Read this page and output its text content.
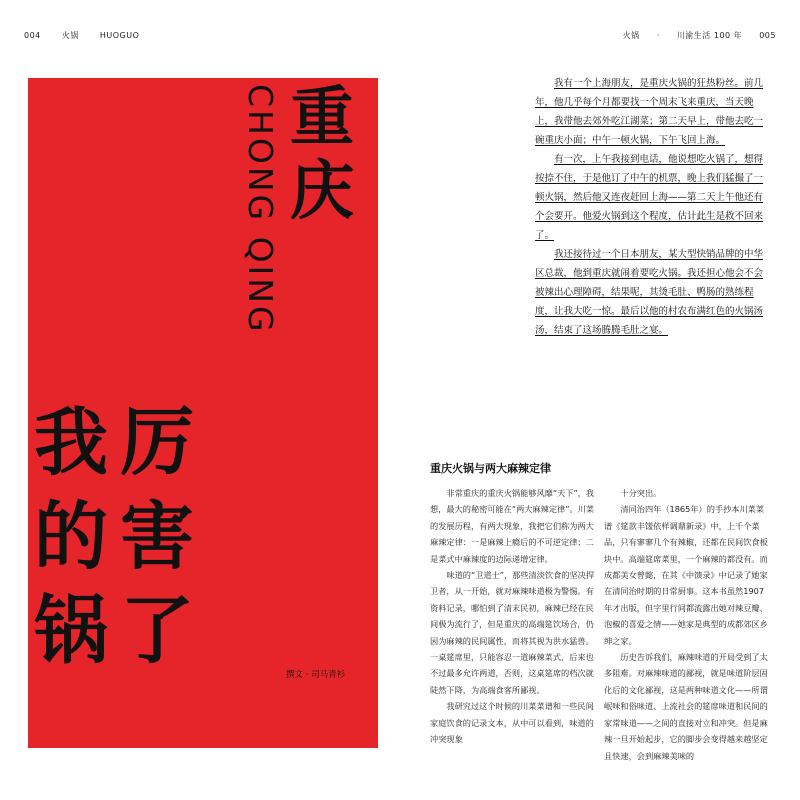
004	火锅	HUOGUO	火锅 · 川渝生活 100 年 005
重
庆
CHONG QING
我
的
锅
厉
害
了
撰文 · 司马青衫

我有一个上海朋友，是重庆火锅的狂热粉丝。前几年，他几乎每个月都要找一个周末飞来重庆，当天晚上，我带他去郊外吃江湖菜；第二天早上，带他去吃一碗重庆小面；中午一顿火锅，下午飞回上海。

有一次，上午我接到电话，他说想吃火锅了，想得按捺不住，于是他订了中午的机票，晚上我们猛撮了一顿火锅，然后他又连夜赶回上海——第二天上午他还有个会要开。他爱火锅到这个程度，估计此生是救不回来了。

我还接待过一个日本朋友，某大型快销品牌的中华区总裁，他到重庆就闹着要吃火锅。我还担心他会不会被辣出心理障碍，结果呢，其烫毛肚、鸭肠的熟练程度，让我大吃一惊。最后以他的村农布满红色的火锅汤汤，结束了这场腾腾毛肚之宴。

重庆火锅与两大麻辣定律

非常重庆的重庆火锅能够风靡“天下”，我想，最大的秘密可能在“两大麻辣定律”。川菜的发展历程，有两大现象，我把它们称为两大麻辣定律：一是麻辣上瘾后的不可逆定律；二是菜式中麻辣度的边际递增定律。

味道的“卫道士”，那些清淡饮食的坚决捍卫者，从一开始，就对麻辣味道极为警惕。有资料记录，哪怕到了清末民初，麻辣已经在民间极为流行了，但是重庆的高端筵饮场合，仍因为麻辣的民间属性，而将其视为洪水猛兽。一桌筵席里，只能容忍一道麻辣菜式，后来也不过最多允许两道，否则，这桌筵席的档次就陡然下降，为高端食客所鄙视。

我研究过这个时候的川菜菜谱和一些民间家庭饮食的记录文本，从中可以看到，味道的冲突现象

十分突出。

清同治四年（1865年）的手抄本川菜菜谱《筵款丰馐依样调鼎新录》中，上千个菜品，只有寥寥几个有辣椒，还都在民间饮食板块中。高端筵席菜里，一个麻辣的都没有。而成都美女曾懿，在其《中馈录》中记录了她家在清同治时期的日常厨事。这本书虽然1907年才出版，但字里行间都流露出她对辣豆瓣、泡椒的喜爱之情——她家是典型的成都郊区乡绅之家。

历史告诉我们，麻辣味道的开局受到了太多阻难。对麻辣味道的鄙视，就是味道阶层固化后的文化鄙视，这是两种味道文化——所谓岷味和俗味道、上流社会的筵席味道和民间的家常味道——之间的直接对立和冲突。但是麻辣一旦开始起步，它的脚步会变得越来越坚定且快速，会到麻辣美味的
